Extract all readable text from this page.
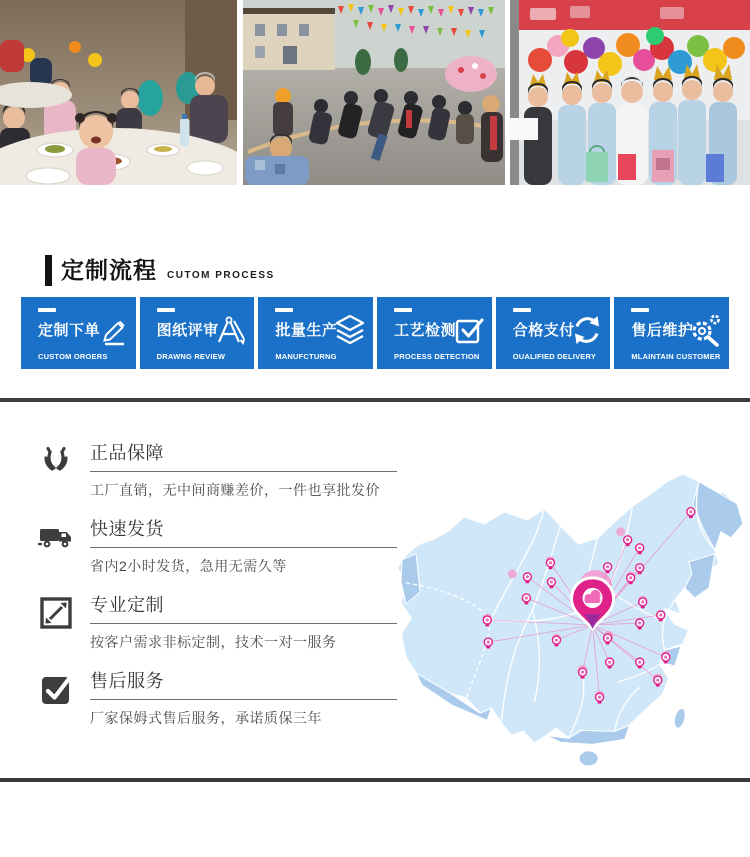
定制流程 CUTOM PROCESS
定制下单
CUSTOM OROERS
图纸评审
DRAWNG REVIEW
批量生产
MANUFCTURNG
工艺检测
PROCESS DETECTION
合格支付
OUALIFIED DELIVERY
售后维护
MLAINTAIN CUSTOMER
正品保障
工厂直销，无中间商赚差价，一件也享批发价
快速发货
省内2小时发货，急用无需久等
专业定制
按客户需求非标定制，技术一对一服务
售后服务
厂家保姆式售后服务，承诺质保三年
